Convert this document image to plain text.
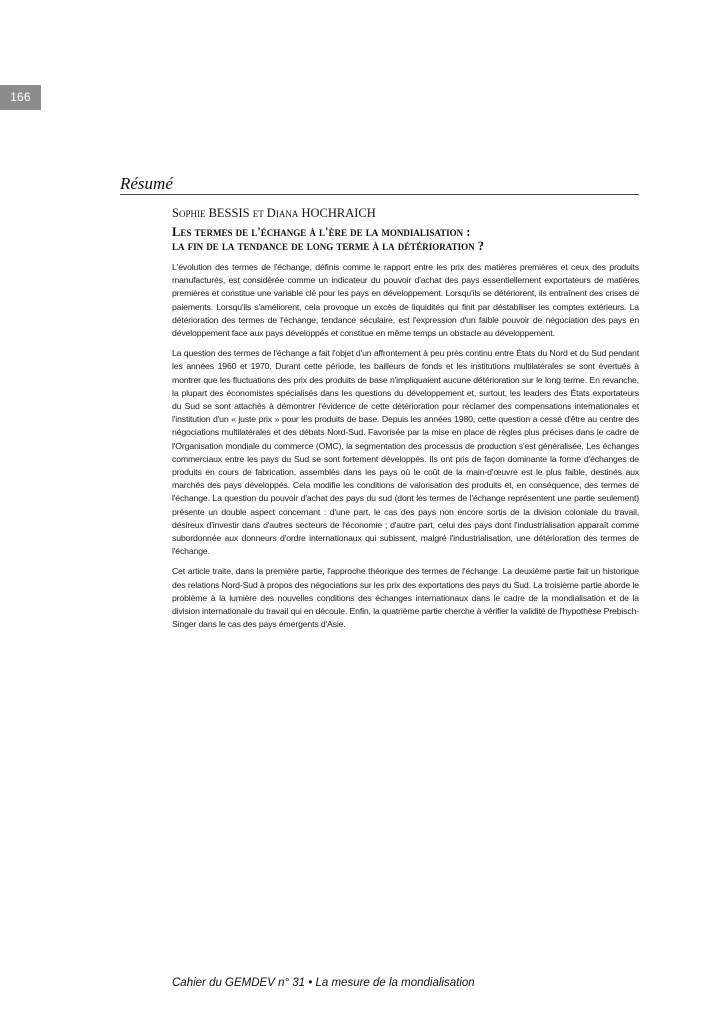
166
Résumé

Sophie BESSIS et Diana HOCHRAICH

Les termes de l'échange à l'ère de la mondialisation :
la fin de la tendance de long terme à la détérioration ?

L'évolution des termes de l'échange, définis comme le rapport entre les prix des matières premières et ceux des produits manufacturés, est considérée comme un indicateur du pouvoir d'achat des pays essentiellement exportateurs de matières premières et constitue une variable clé pour les pays en développement. Lorsqu'ils se détériorent, ils entraînent des crises de paiements. Lorsqu'ils s'améliorent, cela provoque un excès de liquidités qui finit par déstabiliser les comptes extérieurs. La détérioration des termes de l'échange, tendance séculaire, est l'expression d'un faible pouvoir de négociation des pays en développement face aux pays développés et constitue en même temps un obstacle au développement.

La question des termes de l'échange a fait l'objet d'un affrontement à peu près continu entre États du Nord et du Sud pendant les années 1960 et 1970. Durant cette période, les bailleurs de fonds et les institutions multilatérales se sont évertués à montrer que les fluctuations des prix des produits de base n'impliquaient aucune détérioration sur le long terme. En revanche, la plupart des économistes spécialisés dans les questions du développement et, surtout, les leaders des États exportateurs du Sud se sont attachés à démontrer l'évidence de cette détérioration pour réclamer des compensations internationales et l'institution d'un « juste prix » pour les produits de base. Depuis les années 1980, cette question a cessé d'être au centre des négociations multilatérales et des débats Nord-Sud. Favorisée par la mise en place de règles plus précises dans le cadre de l'Organisation mondiale du commerce (OMC), la segmentation des processus de production s'est généralisée. Les échanges commerciaux entre les pays du Sud se sont fortement développés. Ils ont pris de façon dominante la forme d'échanges de produits en cours de fabrication, assemblés dans les pays où le coût de la main-d'œuvre est le plus faible, destinés aux marchés des pays développés. Cela modifie les conditions de valorisation des produits et, en conséquence, des termes de l'échange. La question du pouvoir d'achat des pays du sud (dont les termes de l'échange représentent une partie seulement) présente un double aspect concernant : d'une part, le cas des pays non encore sortis de la division coloniale du travail, désireux d'investir dans d'autres secteurs de l'économie ; d'autre part, celui des pays dont l'industrialisation apparaît comme subordonnée aux donneurs d'ordre internationaux qui subissent, malgré l'industrialisation, une détérioration des termes de l'échange.

Cet article traite, dans la première partie, l'approche théorique des termes de l'échange. La deuxième partie fait un historique des relations Nord-Sud à propos des négociations sur les prix des exportations des pays du Sud. La troisième partie aborde le problème à la lumière des nouvelles conditions des échanges internationaux dans le cadre de la mondialisation et de la division internationale du travail qui en découle. Enfin, la quatrième partie cherche à vérifier la validité de l'hypothèse Prebisch-Singer dans le cas des pays émergents d'Asie.

Cahier du GEMDEV n° 31 • La mesure de la mondialisation
